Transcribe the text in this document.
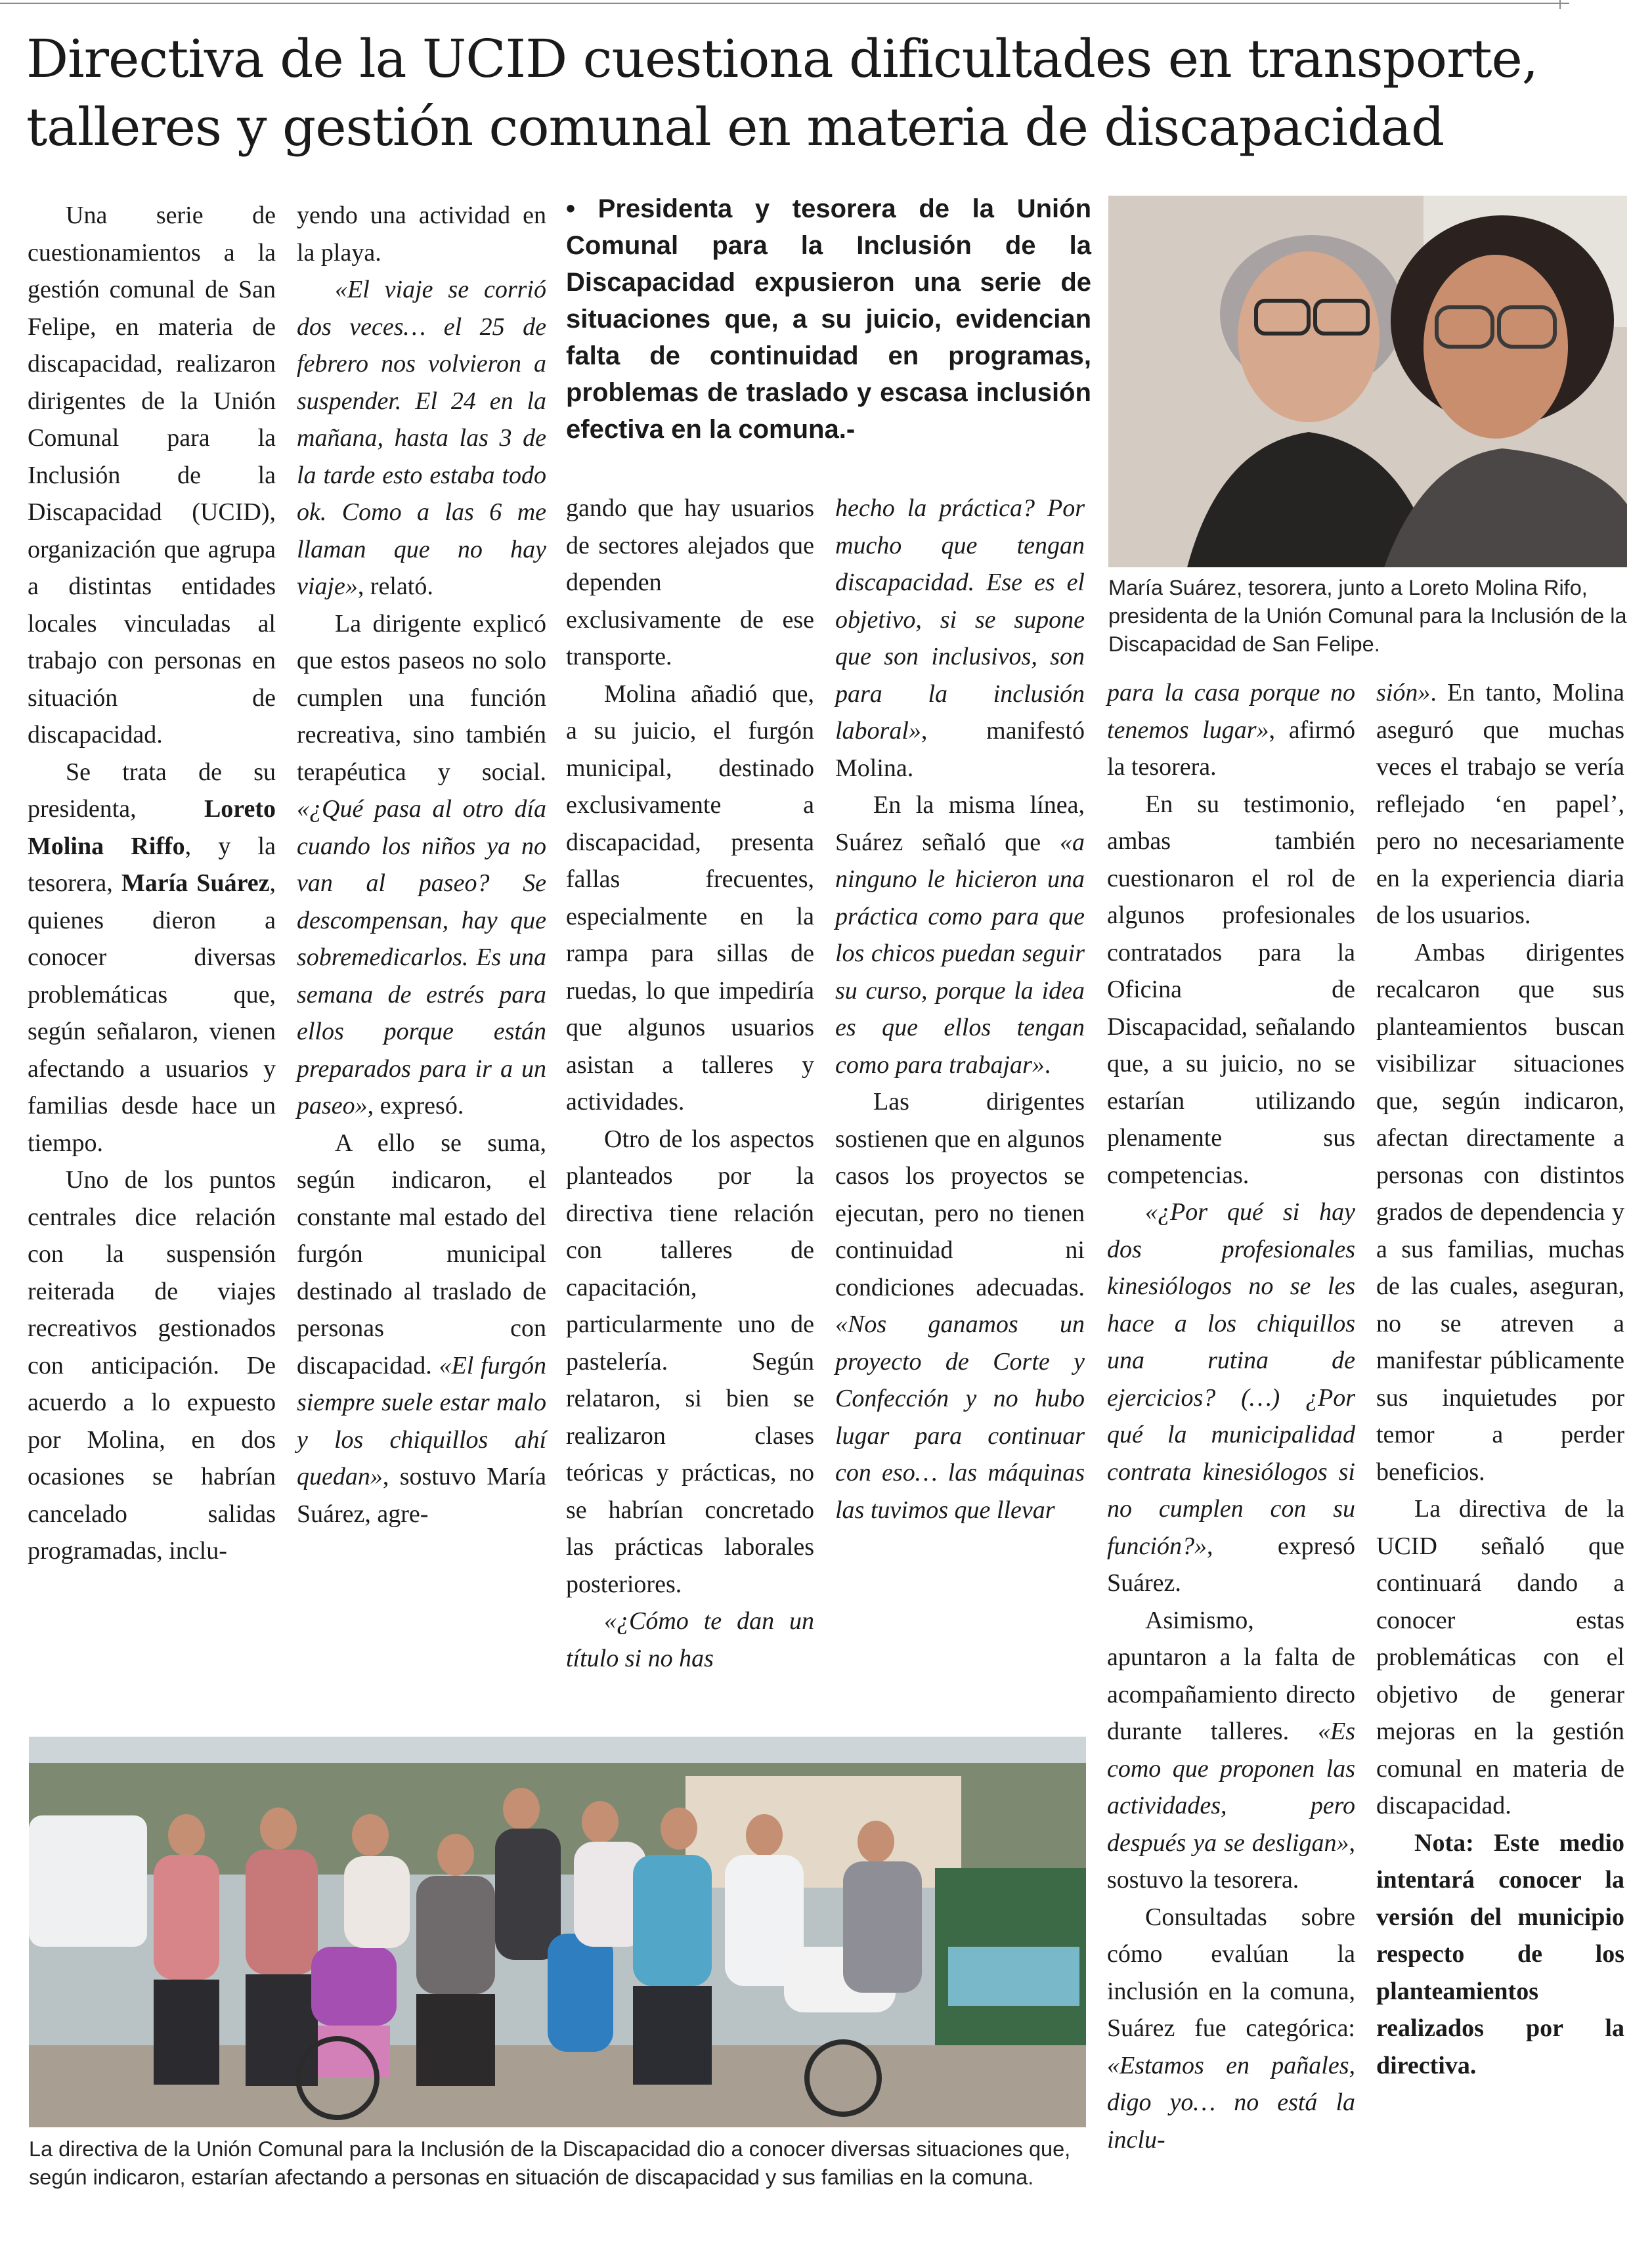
Directiva de la UCID cuestiona dificultades en transporte, talleres y gestión comunal en materia de discapacidad

Una serie de cuestionamientos a la gestión comunal de San Felipe, en materia de discapacidad, realizaron dirigentes de la Unión Comunal para la Inclusión de la Discapacidad (UCID), organización que agrupa a distintas entidades locales vinculadas al trabajo con personas en situación de discapacidad.

Se trata de su presidenta,	Loreto Molina Riffo, y la tesorera, María Suárez, quienes dieron a conocer diversas problemáticas que, según señalaron, vienen afectando a usuarios y familias desde hace un tiempo.

Uno de los puntos centrales dice relación con la suspensión reiterada de viajes recreativos gestionados con anticipación. De acuerdo a lo expuesto por Molina, en dos ocasiones se habrían cancelado salidas programadas, inclu-

yendo una actividad en la playa.

«El viaje se corrió dos veces… el 25 de febrero nos volvieron a suspender. El 24 en la mañana, hasta las 3 de la tarde esto estaba todo ok. Como a las 6 me llaman que no hay viaje», relató.

La dirigente explicó que estos paseos no solo cumplen una función recreativa, sino también terapéutica y social. «¿Qué pasa al otro día cuando los niños ya no van al paseo? Se descompensan, hay que sobremedicarlos. Es una semana de estrés para ellos porque están preparados para ir a un paseo», expresó.

A ello se suma, según indicaron, el constante mal estado del furgón municipal destinado al traslado de personas con discapacidad. «El furgón siempre suele estar malo y los chiquillos ahí quedan», sostuvo María Suárez, agre-

• Presidenta y tesorera de la Unión Comunal para la Inclusión de la Discapacidad expusieron una serie de situaciones que, a su juicio, evidencian falta de continuidad en programas, problemas de traslado y escasa inclusión efectiva en la comuna.-

gando que hay usuarios de sectores alejados que dependen exclusivamente de ese transporte.

Molina añadió que, a su juicio, el furgón municipal, destinado exclusivamente a discapacidad, presenta fallas frecuentes, especialmente en la rampa para sillas de ruedas, lo que impediría que algunos usuarios asistan a talleres y actividades.

Otro de los aspectos planteados por la directiva tiene relación con talleres de capacitación, particularmente uno de pastelería. Según relataron, si bien se realizaron clases teóricas y prácticas, no se habrían concretado las prácticas laborales posteriores.

«¿Cómo te dan un título si no has

hecho la práctica? Por mucho que tengan discapacidad. Ese es el objetivo, si se supone que son inclusivos, son para la inclusión laboral», manifestó Molina.

En la misma línea, Suárez señaló que «a ninguno le hicieron una práctica como para que los chicos puedan seguir su curso, porque la idea es que ellos tengan como para trabajar».

Las dirigentes sostienen que en algunos casos los proyectos se ejecutan, pero no tienen continuidad ni condiciones adecuadas. «Nos ganamos un proyecto de Corte y Confección y no hubo lugar para continuar con eso… las máquinas las tuvimos que llevar

María Suárez, tesorera, junto a Loreto Molina Rifo, presidenta de la Unión Comunal para la Inclusión de la Discapacidad de San Felipe.

para la casa porque no tenemos lugar», afirmó la tesorera.

En su testimonio, ambas también cuestionaron el rol de algunos profesionales contratados para la Oficina de Discapacidad, señalando que, a su juicio, no se estarían utilizando plenamente sus competencias.

«¿Por qué si hay dos profesionales kinesiólogos no se les hace a los chiquillos una rutina de ejercicios? (…) ¿Por qué la municipalidad contrata kinesiólogos si no cumplen con su función?», expresó Suárez.

Asimismo, apuntaron a la falta de acompañamiento directo durante talleres. «Es como que proponen las actividades, pero después ya se desligan», sostuvo la tesorera.

Consultadas sobre cómo evalúan la inclusión en la comuna, Suárez fue categórica: «Estamos en pañales, digo yo… no está la inclu-

sión». En tanto, Molina aseguró que muchas veces el trabajo se vería reflejado ‘en papel’, pero no necesariamente en la experiencia diaria de los usuarios.

Ambas dirigentes recalcaron que sus planteamientos buscan visibilizar situaciones que, según indicaron, afectan directamente a personas con distintos grados de dependencia y a sus familias, muchas de las cuales, aseguran, no se atreven a manifestar públicamente sus inquietudes por temor a perder beneficios.

La directiva de la UCID señaló que continuará dando a conocer estas problemáticas con el objetivo de generar mejoras en la gestión comunal en materia de discapacidad.

Nota: Este medio intentará conocer la versión del municipio respecto de los planteamientos realizados por la directiva.

La directiva de la Unión Comunal para la Inclusión de la Discapacidad dio a conocer diversas situaciones que, según indicaron, estarían afectando a personas en situación de discapacidad y sus familias en la comuna.
